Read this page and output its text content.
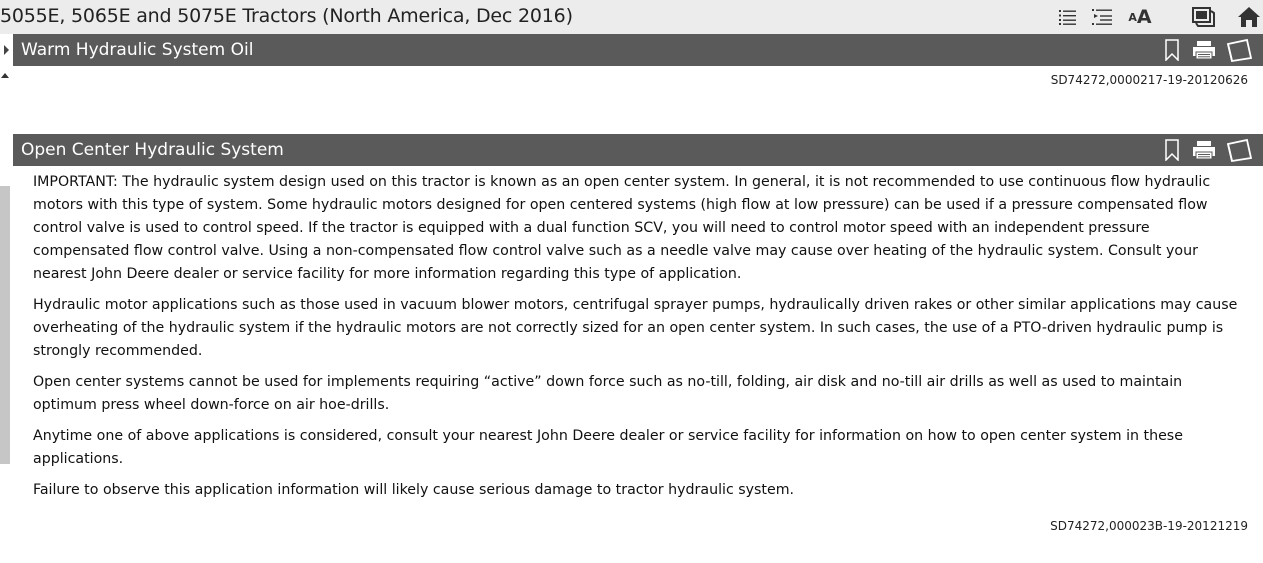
5055E, 5065E and 5075E Tractors (North America, Dec 2016)	A A
Warm Hydraulic System Oil
SD74272,0000217-19-20120626
Open Center Hydraulic System

IMPORTANT: The hydraulic system design used on this tractor is known as an open center system. In general, it is not recommended to use continuous flow hydraulic motors with this type of system. Some hydraulic motors designed for open centered systems (high flow at low pressure) can be used if a pressure compensated flow control valve is used to control speed. If the tractor is equipped with a dual function SCV, you will need to control motor speed with an independent pressure compensated flow control valve. Using a non-compensated flow control valve such as a needle valve may cause over heating of the hydraulic system. Consult your nearest John Deere dealer or service facility for more information regarding this type of application.

Hydraulic motor applications such as those used in vacuum blower motors, centrifugal sprayer pumps, hydraulically driven rakes or other similar applications may cause overheating of the hydraulic system if the hydraulic motors are not correctly sized for an open center system. In such cases, the use of a PTO-driven hydraulic pump is strongly recommended.

Open center systems cannot be used for implements requiring “active” down force such as no-till, folding, air disk and no-till air drills as well as used to maintain optimum press wheel down-force on air hoe-drills.

Anytime one of above applications is considered, consult your nearest John Deere dealer or service facility for information on how to open center system in these applications.

Failure to observe this application information will likely cause serious damage to tractor hydraulic system.

SD74272,000023B-19-20121219
